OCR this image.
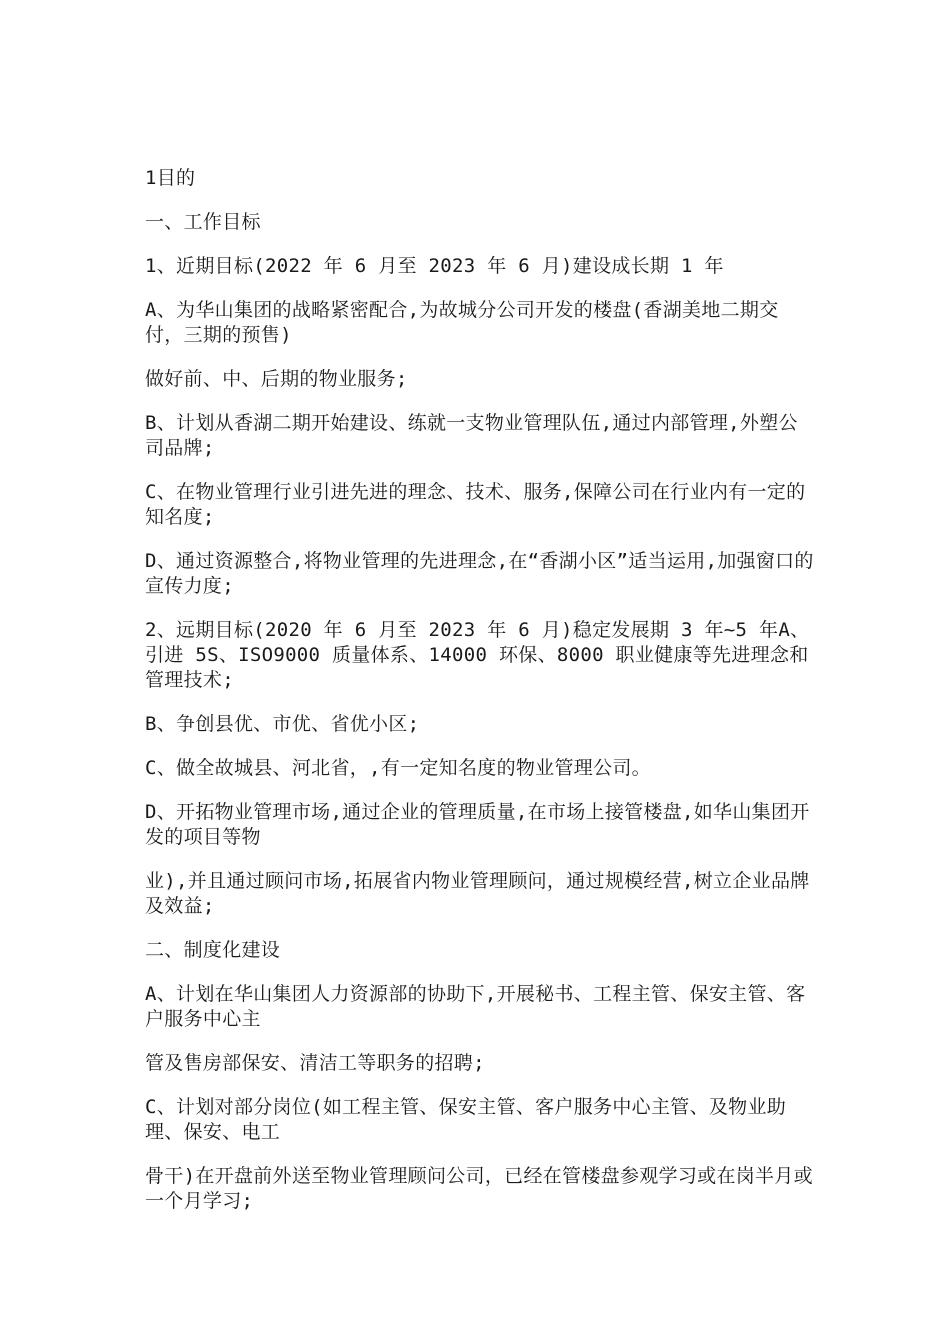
1目的

一、工作目标

1、近期目标(2022 年 6 月至 2023 年 6 月)建设成长期 1 年

A、为华山集团的战略紧密配合,为故城分公司开发的楼盘(香湖美地二期交付，三期的预售)

做好前、中、后期的物业服务;

B、计划从香湖二期开始建设、练就一支物业管理队伍,通过内部管理,外塑公司品牌;

C、在物业管理行业引进先进的理念、技术、服务,保障公司在行业内有一定的知名度;

D、通过资源整合,将物业管理的先进理念,在“香湖小区”适当运用,加强窗口的宣传力度;

2、远期目标(2020 年 6 月至 2023 年 6 月)稳定发展期 3 年~5 年A、引进 5S、ISO9000 质量体系、14000 环保、8000 职业健康等先进理念和管理技术;

B、争创县优、市优、省优小区;

C、做全故城县、河北省，,有一定知名度的物业管理公司。

D、开拓物业管理市场,通过企业的管理质量,在市场上接管楼盘,如华山集团开发的项目等物

业),并且通过顾问市场,拓展省内物业管理顾问，通过规模经营,树立企业品牌及效益;

二、制度化建设

A、计划在华山集团人力资源部的协助下,开展秘书、工程主管、保安主管、客户服务中心主

管及售房部保安、清洁工等职务的招聘;

C、计划对部分岗位(如工程主管、保安主管、客户服务中心主管、及物业助理、保安、电工

骨干)在开盘前外送至物业管理顾问公司，已经在管楼盘参观学习或在岗半月或一个月学习;
